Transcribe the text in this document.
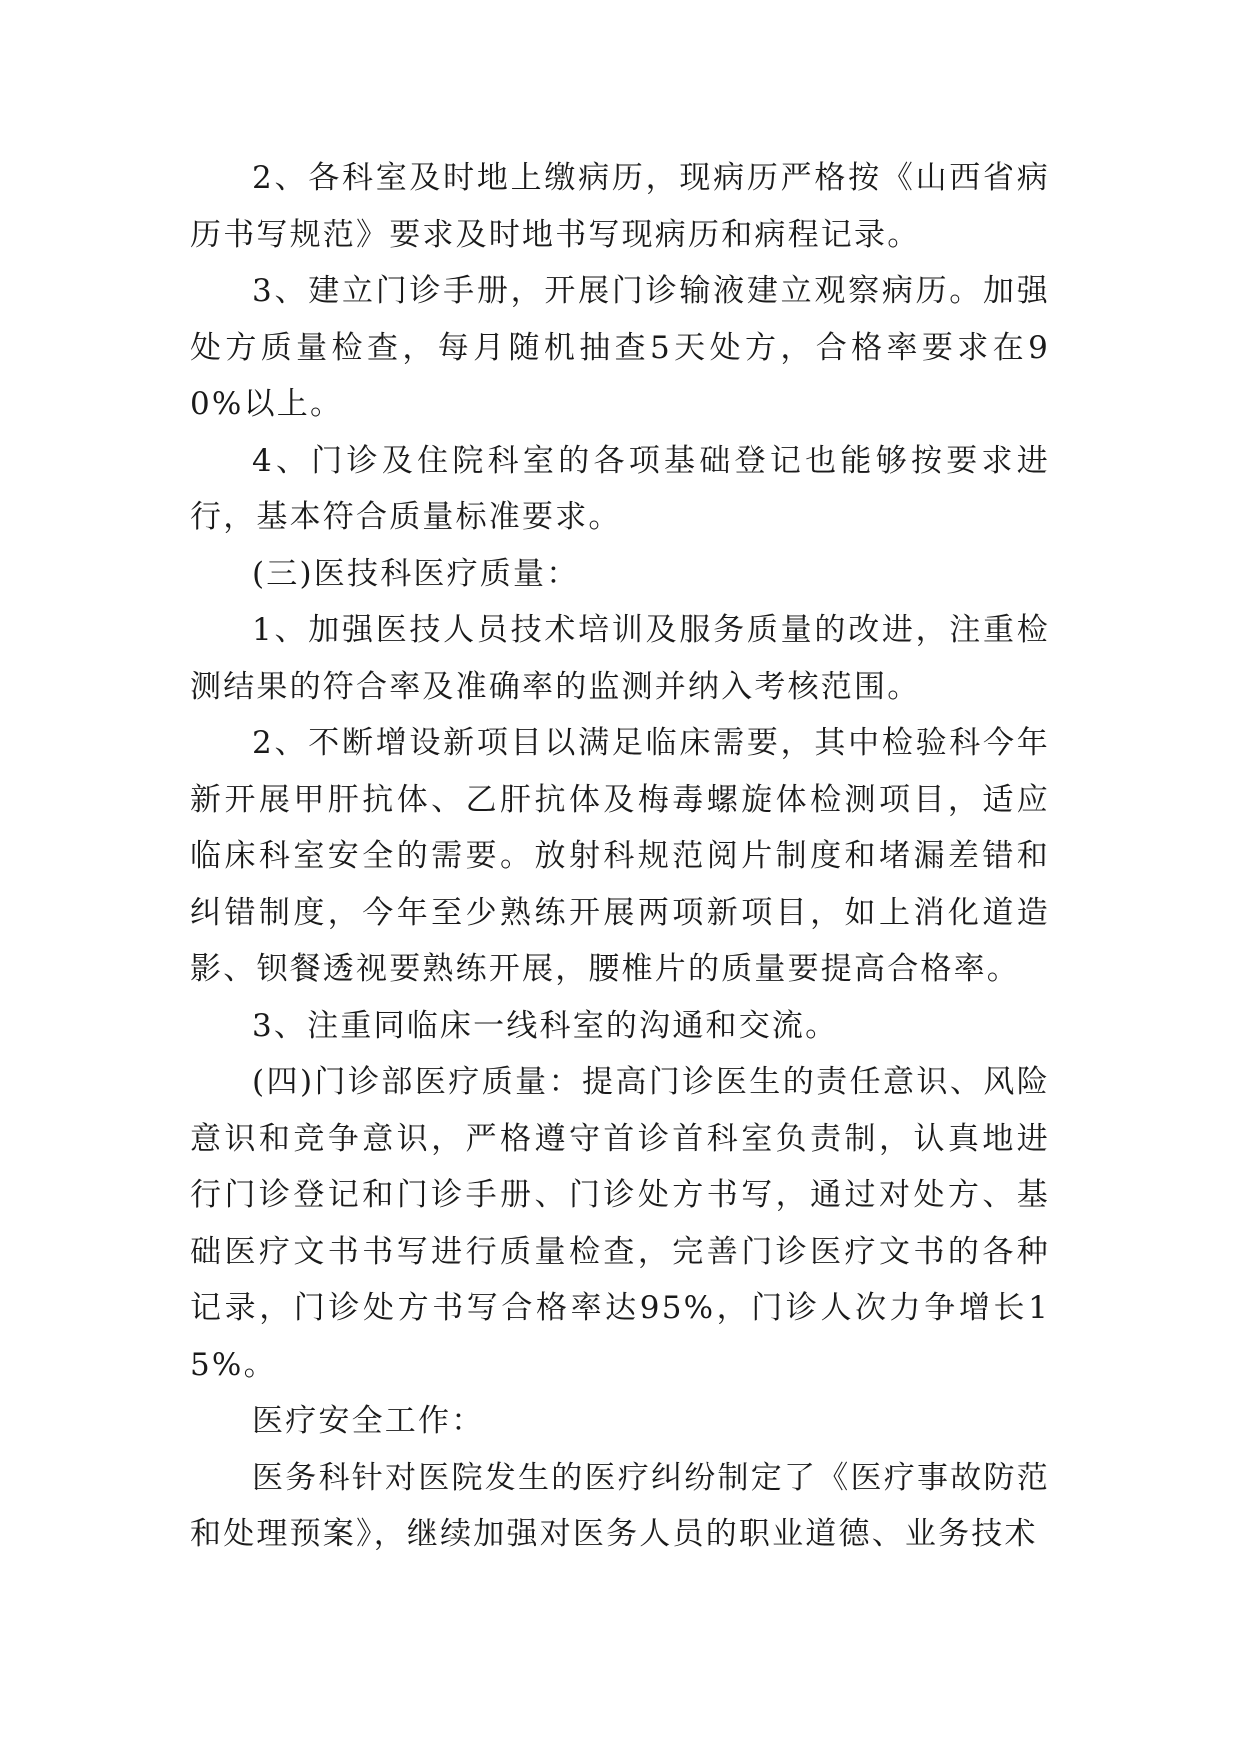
2、各科室及时地上缴病历，现病历严格按《山西省病历书写规范》要求及时地书写现病历和病程记录。

3、建立门诊手册，开展门诊输液建立观察病历。加强处方质量检查，每月随机抽查5天处方，合格率要求在90%以上。

4、门诊及住院科室的各项基础登记也能够按要求进行，基本符合质量标准要求。

(三)医技科医疗质量：

1、加强医技人员技术培训及服务质量的改进，注重检测结果的符合率及准确率的监测并纳入考核范围。

2、不断增设新项目以满足临床需要，其中检验科今年新开展甲肝抗体、乙肝抗体及梅毒螺旋体检测项目，适应临床科室安全的需要。放射科规范阅片制度和堵漏差错和纠错制度，今年至少熟练开展两项新项目，如上消化道造影、钡餐透视要熟练开展，腰椎片的质量要提高合格率。

3、注重同临床一线科室的沟通和交流。

(四)门诊部医疗质量：提高门诊医生的责任意识、风险意识和竞争意识，严格遵守首诊首科室负责制，认真地进行门诊登记和门诊手册、门诊处方书写，通过对处方、基础医疗文书书写进行质量检查，完善门诊医疗文书的各种记录，门诊处方书写合格率达95%，门诊人次力争增长15%。

医疗安全工作：

医务科针对医院发生的医疗纠纷制定了《医疗事故防范和处理预案》，继续加强对医务人员的职业道德、业务技术
